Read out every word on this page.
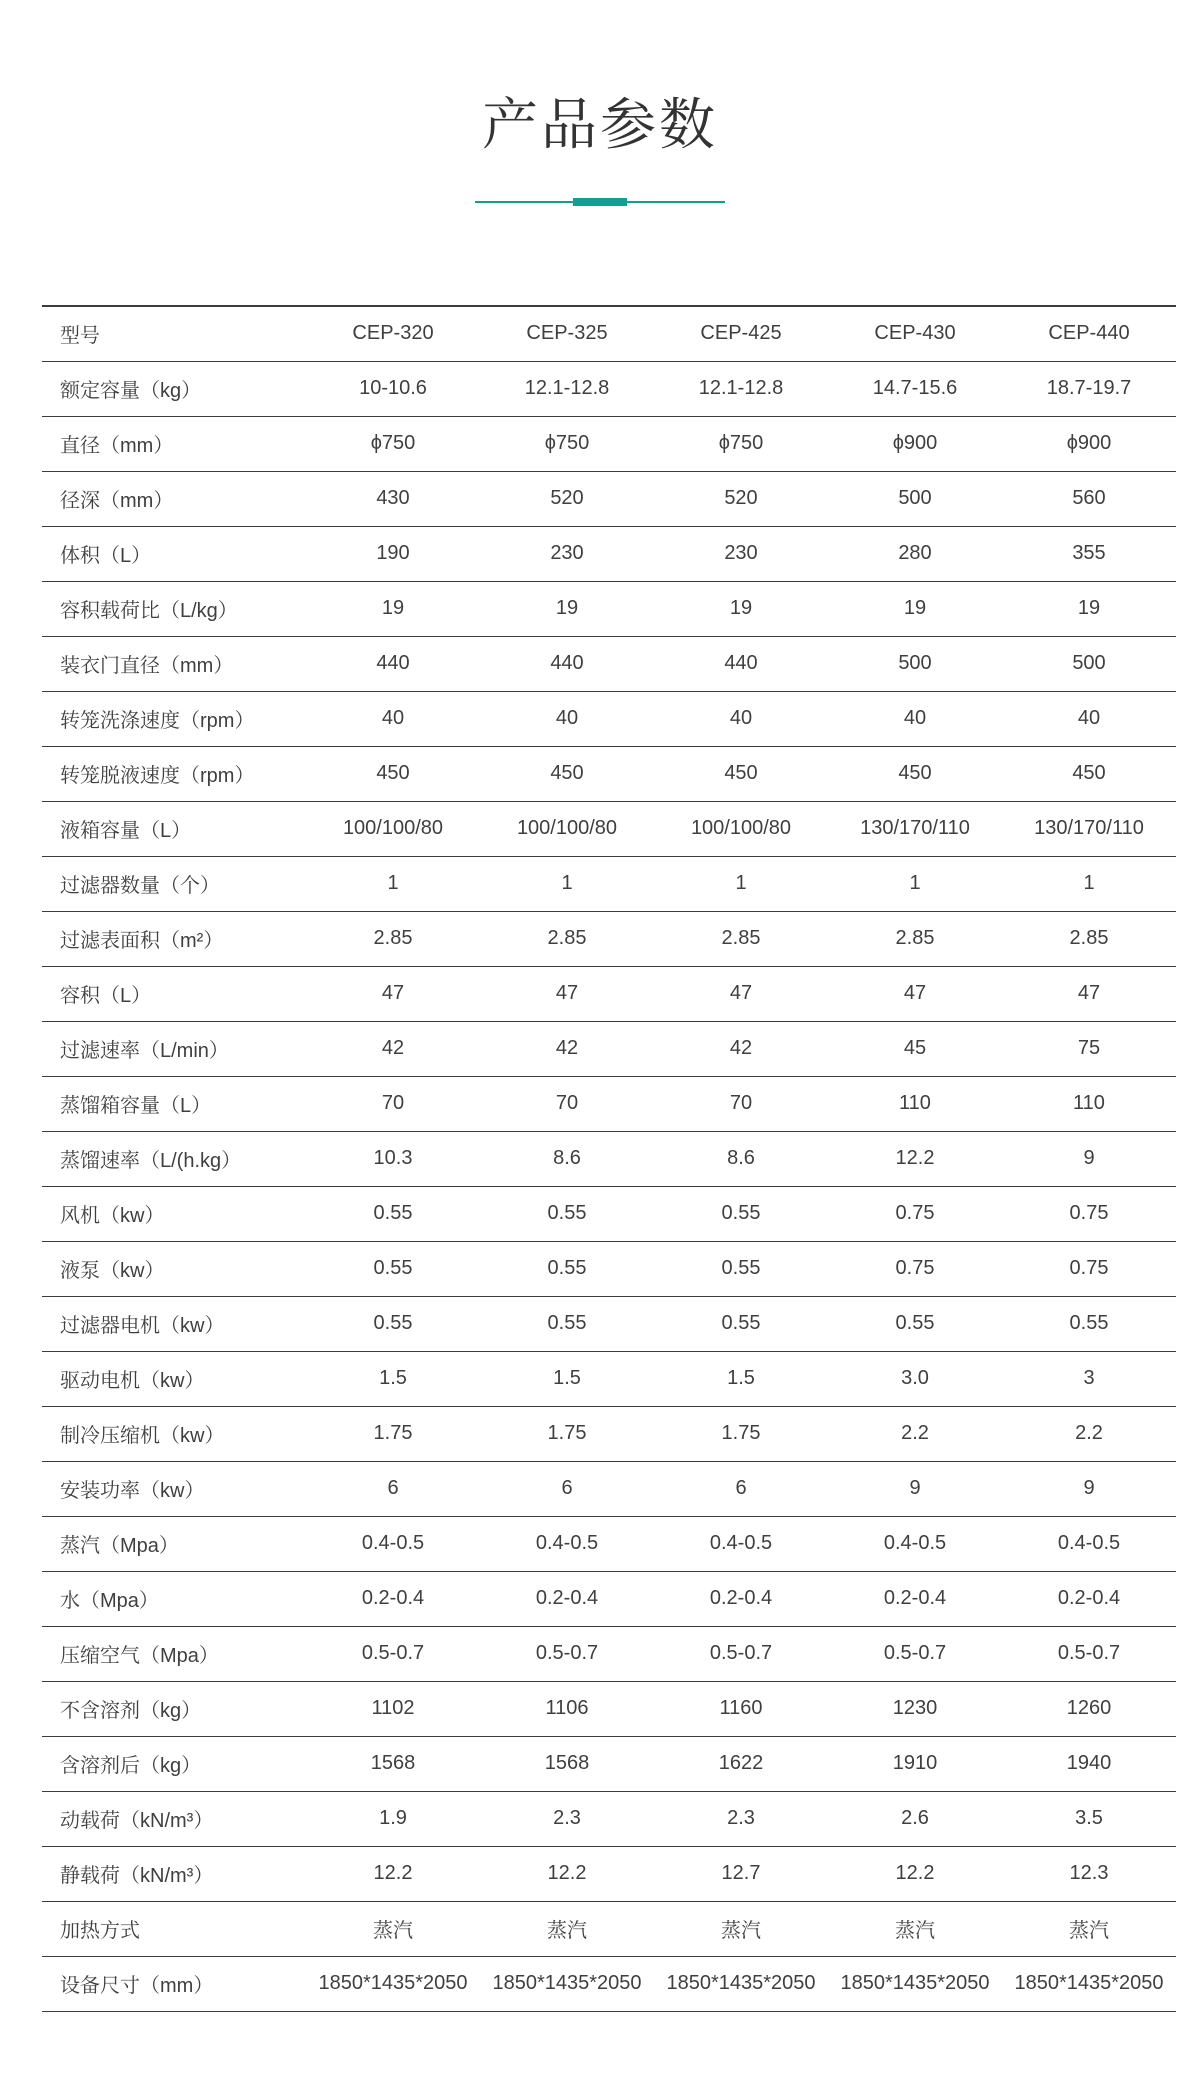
产品参数
型号	CEP-320	CEP-325	CEP-425	CEP-430	CEP-440
额定容量（kg）	10-10.6	12.1-12.8	12.1-12.8	14.7-15.6	18.7-19.7
直径（mm）	ϕ750	ϕ750	ϕ750	ϕ900	ϕ900
径深（mm）	430	520	520	500	560
体积（L）	190	230	230	280	355
容积载荷比（L/kg）	19	19	19	19	19
装衣门直径（mm）	440	440	440	500	500
转笼洗涤速度（rpm）	40	40	40	40	40
转笼脱液速度（rpm）	450	450	450	450	450
液箱容量（L）	100/100/80	100/100/80	100/100/80	130/170/110	130/170/110
过滤器数量（个）	1	1	1	1	1
过滤表面积（m²）	2.85	2.85	2.85	2.85	2.85
容积（L）	47	47	47	47	47
过滤速率（L/min）	42	42	42	45	75
蒸馏箱容量（L）	70	70	70	110	110
蒸馏速率（L/(h.kg）	10.3	8.6	8.6	12.2	9
风机（kw）	0.55	0.55	0.55	0.75	0.75
液泵（kw）	0.55	0.55	0.55	0.75	0.75
过滤器电机（kw）	0.55	0.55	0.55	0.55	0.55
驱动电机（kw）	1.5	1.5	1.5	3.0	3
制冷压缩机（kw）	1.75	1.75	1.75	2.2	2.2
安装功率（kw）	6	6	6	9	9
蒸汽（Mpa）	0.4-0.5	0.4-0.5	0.4-0.5	0.4-0.5	0.4-0.5
水（Mpa）	0.2-0.4	0.2-0.4	0.2-0.4	0.2-0.4	0.2-0.4
压缩空气（Mpa）	0.5-0.7	0.5-0.7	0.5-0.7	0.5-0.7	0.5-0.7
不含溶剂（kg）	1102	1106	1160	1230	1260
含溶剂后（kg）	1568	1568	1622	1910	1940
动载荷（kN/m³）	1.9	2.3	2.3	2.6	3.5
静载荷（kN/m³）	12.2	12.2	12.7	12.2	12.3
加热方式	蒸汽	蒸汽	蒸汽	蒸汽	蒸汽
设备尺寸（mm）	1850*1435*2050	1850*1435*2050	1850*1435*2050	1850*1435*2050	1850*1435*2050
